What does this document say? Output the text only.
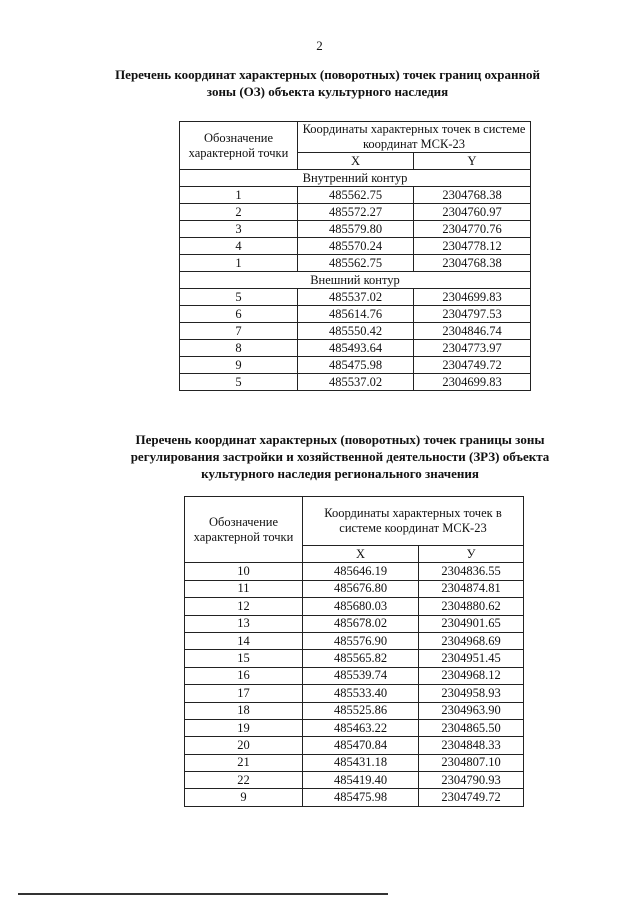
2
Перечень координат характерных (поворотных) точек границ охранной
зоны (ОЗ) объекта культурного наследия
Обозначение характерной точки	Координаты характерных точек в системе координат МСК-23	
	X	Y
Внутренний контур		
1	485562.75	2304768.38
2	485572.27	2304760.97
3	485579.80	2304770.76
4	485570.24	2304778.12
1	485562.75	2304768.38
Внешний контур		
5	485537.02	2304699.83
6	485614.76	2304797.53
7	485550.42	2304846.74
8	485493.64	2304773.97
9	485475.98	2304749.72
5	485537.02	2304699.83
Перечень координат характерных (поворотных) точек границы зоны
регулирования застройки и хозяйственной деятельности (ЗРЗ) объекта
культурного наследия регионального значения
Обозначение характерной точки	Координаты характерных точек в системе координат МСК-23	
	X	У
10	485646.19	2304836.55
11	485676.80	2304874.81
12	485680.03	2304880.62
13	485678.02	2304901.65
14	485576.90	2304968.69
15	485565.82	2304951.45
16	485539.74	2304968.12
17	485533.40	2304958.93
18	485525.86	2304963.90
19	485463.22	2304865.50
20	485470.84	2304848.33
21	485431.18	2304807.10
22	485419.40	2304790.93
9	485475.98	2304749.72
